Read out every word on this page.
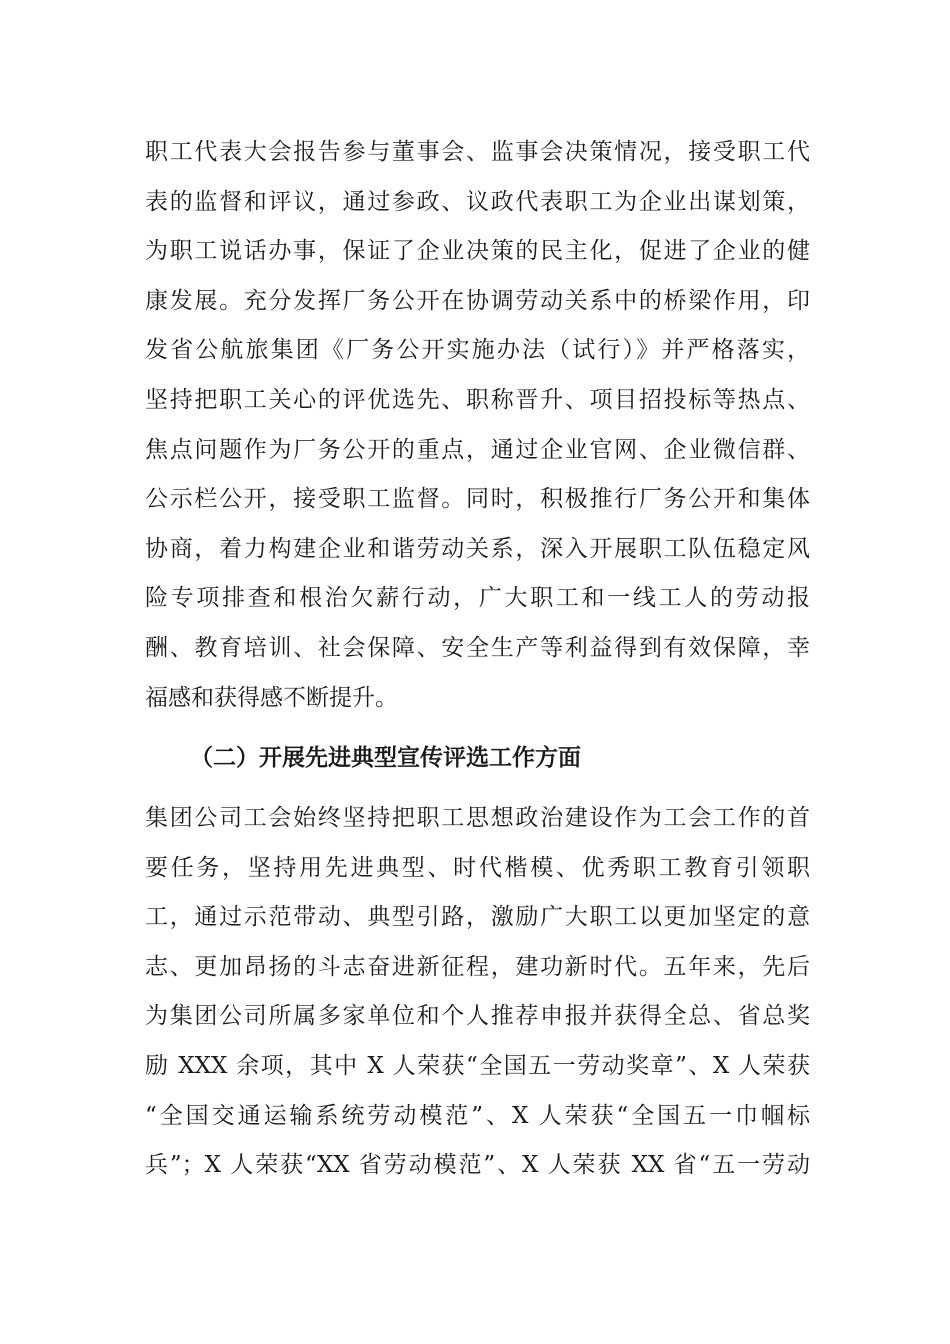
职工代表大会报告参与董事会、监事会决策情况，接受职工代
表的监督和评议，通过参政、议政代表职工为企业出谋划策，
为职工说话办事，保证了企业决策的民主化，促进了企业的健
康发展。充分发挥厂务公开在协调劳动关系中的桥梁作用，印
发省公航旅集团《厂务公开实施办法（试行）》并严格落实，
坚持把职工关心的评优选先、职称晋升、项目招投标等热点、
焦点问题作为厂务公开的重点，通过企业官网、企业微信群、
公示栏公开，接受职工监督。同时，积极推行厂务公开和集体
协商，着力构建企业和谐劳动关系，深入开展职工队伍稳定风
险专项排查和根治欠薪行动，广大职工和一线工人的劳动报
酬、教育培训、社会保障、安全生产等利益得到有效保障，幸
福感和获得感不断提升。
（二）开展先进典型宣传评选工作方面
集团公司工会始终坚持把职工思想政治建设作为工会工作的首
要任务，坚持用先进典型、时代楷模、优秀职工教育引领职
工，通过示范带动、典型引路，激励广大职工以更加坚定的意
志、更加昂扬的斗志奋进新征程，建功新时代。五年来，先后
为集团公司所属多家单位和个人推荐申报并获得全总、省总奖
励 XXX 余项，其中 X 人荣获“全国五一劳动奖章”、X 人荣获
“全国交通运输系统劳动模范”、X 人荣获“全国五一巾帼标
兵”；X 人荣获“XX 省劳动模范”、X 人荣获 XX 省“五一劳动
